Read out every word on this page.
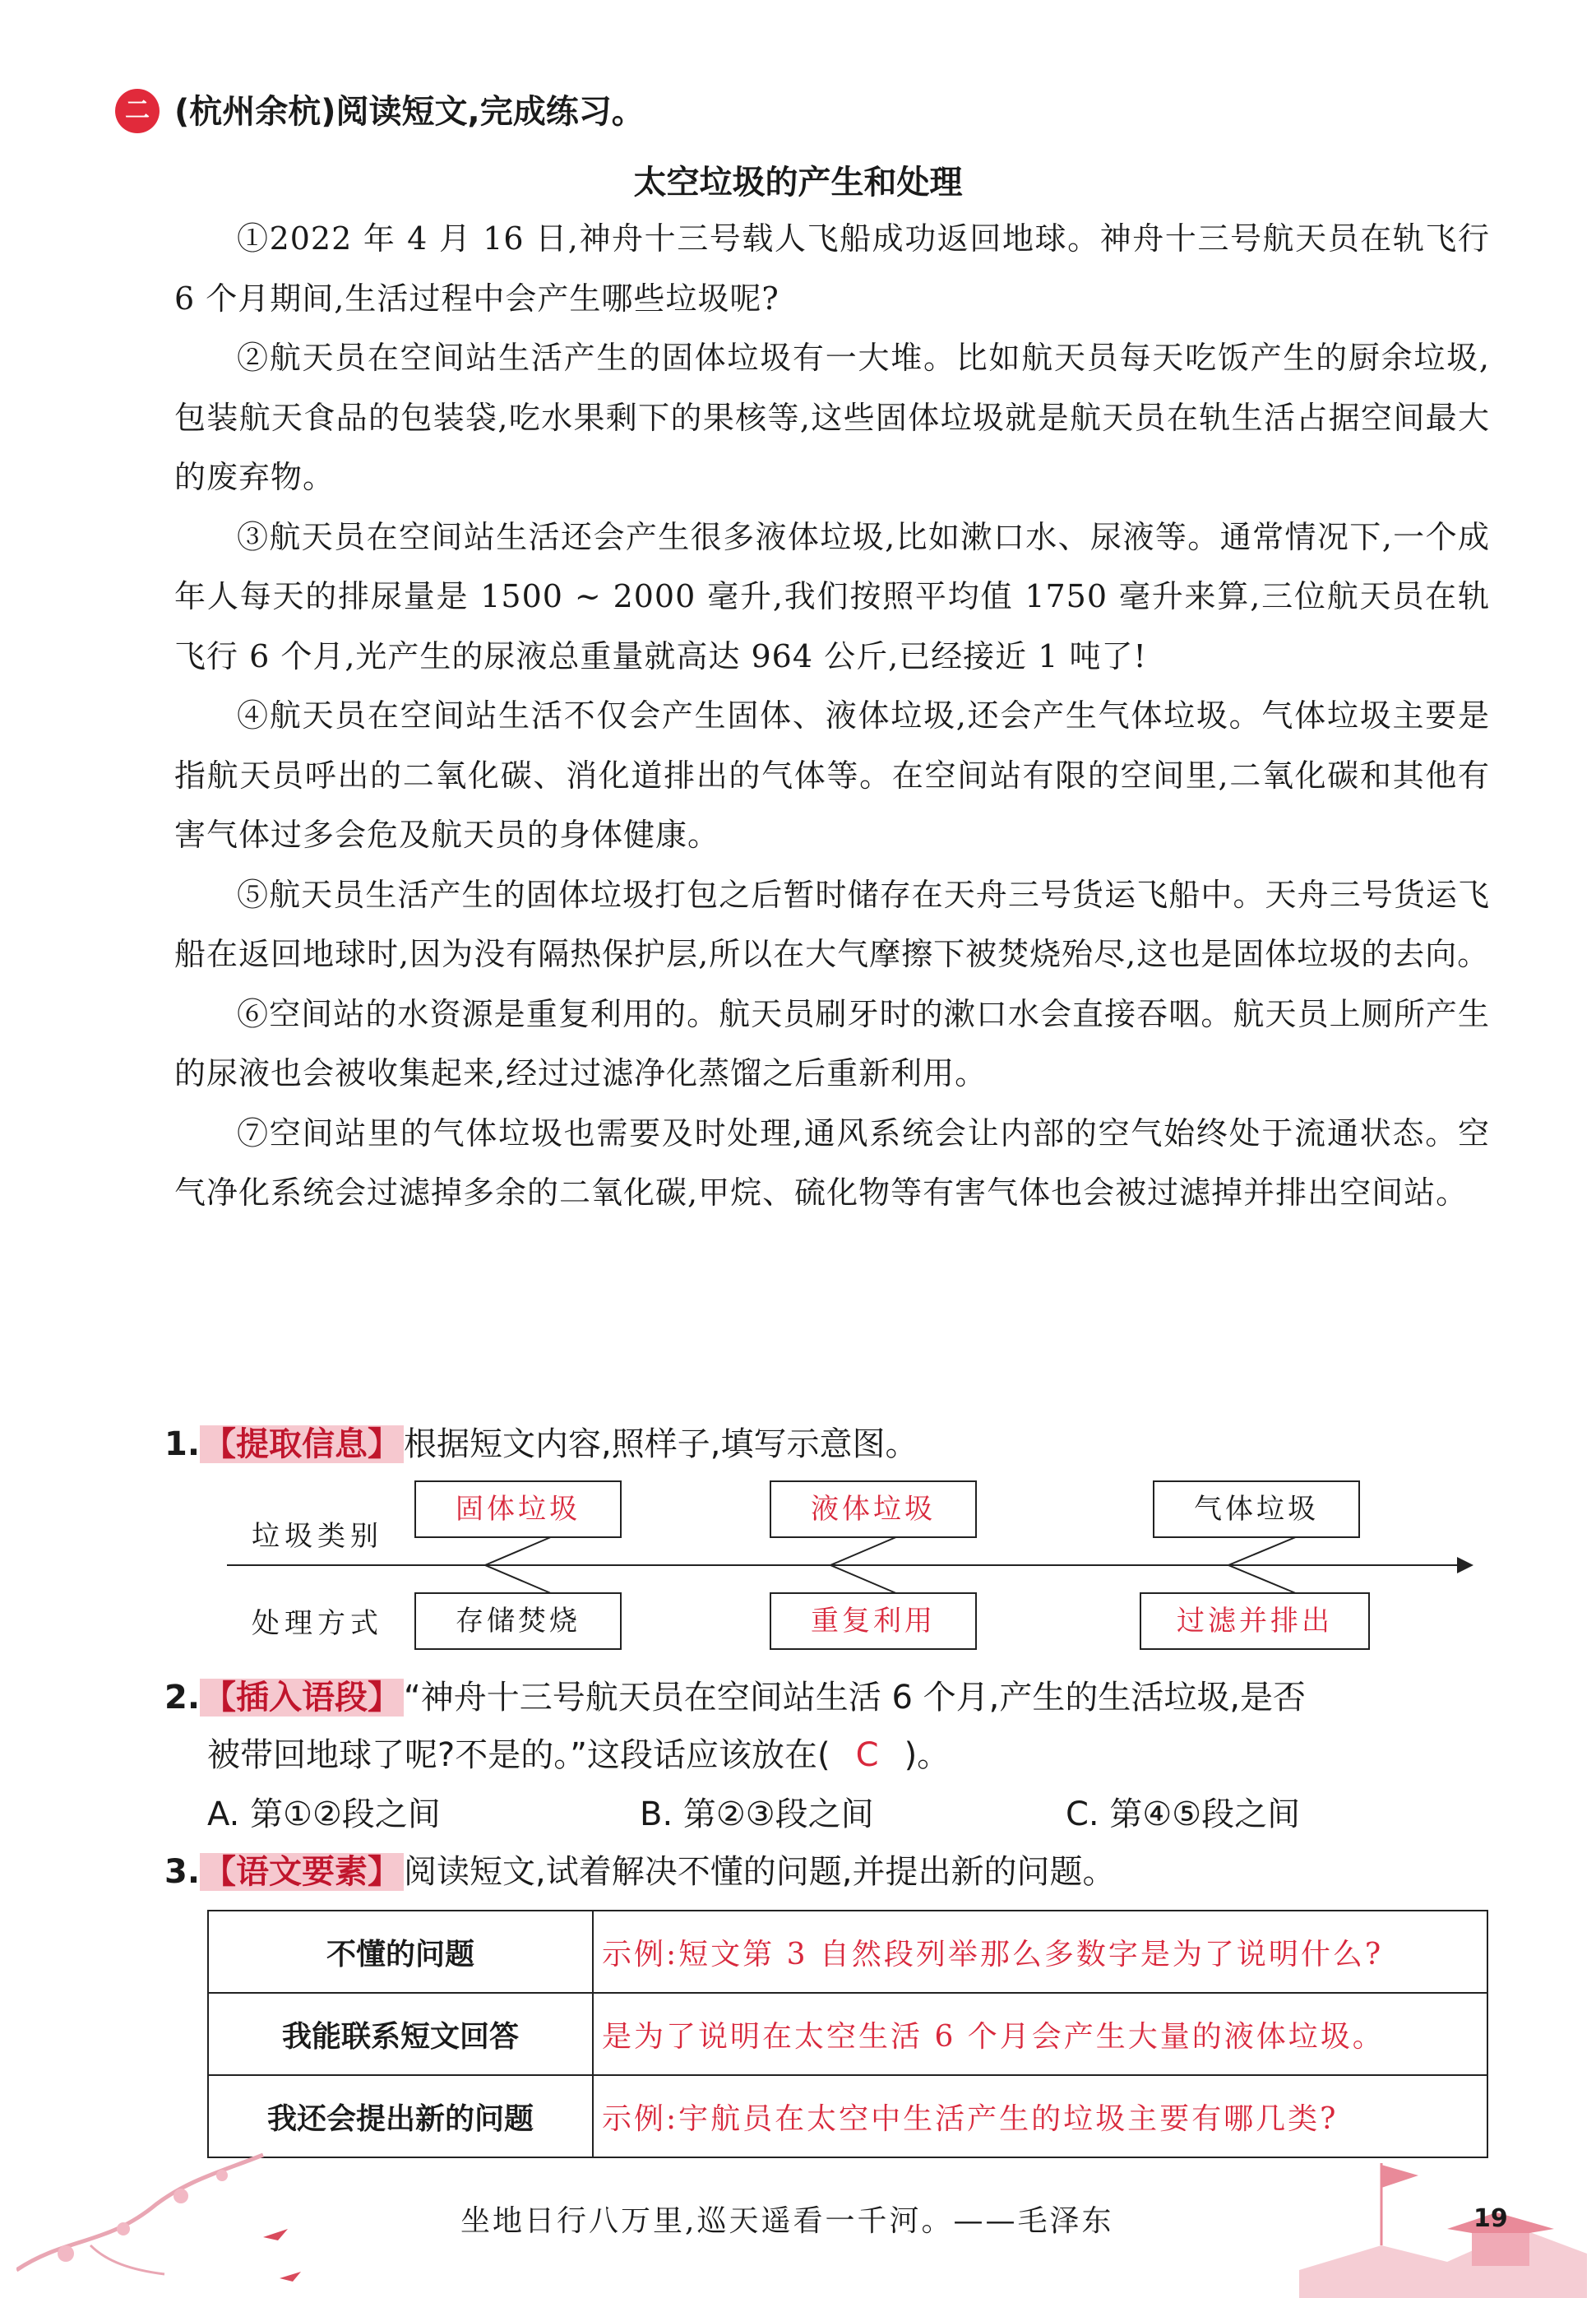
二 (杭州余杭)阅读短文,完成练习。
太空垃圾的产生和处理

①2022 年 4 月 16 日,神舟十三号载人飞船成功返回地球。神舟十三号航天员在轨飞行 6 个月期间,生活过程中会产生哪些垃圾呢?

②航天员在空间站生活产生的固体垃圾有一大堆。比如航天员每天吃饭产生的厨余垃圾,包装航天食品的包装袋,吃水果剩下的果核等,这些固体垃圾就是航天员在轨生活占据空间最大的废弃物。

③航天员在空间站生活还会产生很多液体垃圾,比如漱口水、尿液等。通常情况下,一个成年人每天的排尿量是 1500 ~ 2000 毫升,我们按照平均值 1750 毫升来算,三位航天员在轨飞行 6 个月,光产生的尿液总重量就高达 964 公斤,已经接近 1 吨了!

④航天员在空间站生活不仅会产生固体、液体垃圾,还会产生气体垃圾。气体垃圾主要是指航天员呼出的二氧化碳、消化道排出的气体等。在空间站有限的空间里,二氧化碳和其他有害气体过多会危及航天员的身体健康。

⑤航天员生活产生的固体垃圾打包之后暂时储存在天舟三号货运飞船中。天舟三号货运飞船在返回地球时,因为没有隔热保护层,所以在大气摩擦下被焚烧殆尽,这也是固体垃圾的去向。

⑥空间站的水资源是重复利用的。航天员刷牙时的漱口水会直接吞咽。航天员上厕所产生的尿液也会被收集起来,经过过滤净化蒸馏之后重新利用。

⑦空间站里的气体垃圾也需要及时处理,通风系统会让内部的空气始终处于流通状态。空气净化系统会过滤掉多余的二氧化碳,甲烷、硫化物等有害气体也会被过滤掉并排出空间站。

1. 【提取信息】 根据短文内容,照样子,填写示意图。
垃圾类别
处理方式
固体垃圾	液体垃圾	气体垃圾
存储焚烧	重复利用	过滤并排出
2. 【插入语段】 “神舟十三号航天员在空间站生活 6 个月,产生的生活垃圾,是否
被带回地球了呢?不是的。”这段话应该放在( C )。
A. 第①②段之间	B. 第②③段之间	C. 第④⑤段之间
3. 【语文要素】 阅读短文,试着解决不懂的问题,并提出新的问题。
不懂的问题	示例:短文第 3 自然段列举那么多数字是为了说明什么?
我能联系短文回答	是为了说明在太空生活 6 个月会产生大量的液体垃圾。
我还会提出新的问题	示例:宇航员在太空中生活产生的垃圾主要有哪几类?
坐地日行八万里,巡天遥看一千河。——毛泽东	19
